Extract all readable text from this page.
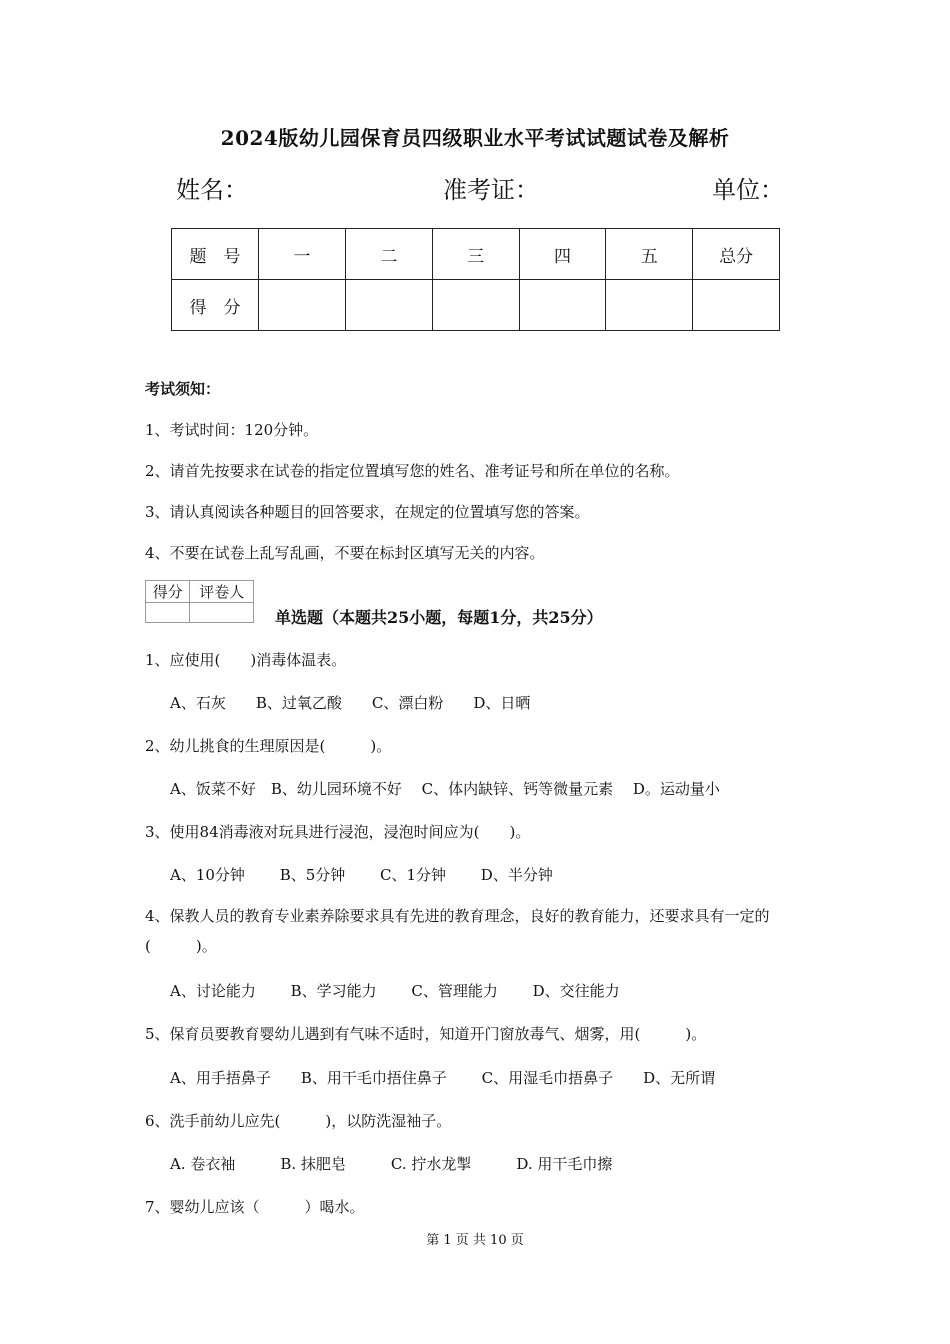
2024版幼儿园保育员四级职业水平考试试题试卷及解析
姓名：	准考证：	单位：
题　号	一	二	三	四	五	总分
得　分						
考试须知：
1、考试时间：120分钟。
2、请首先按要求在试卷的指定位置填写您的姓名、准考证号和所在单位的名称。
3、请认真阅读各种题目的回答要求，在规定的位置填写您的答案。
4、不要在试卷上乱写乱画，不要在标封区填写无关的内容。
得分	评卷人

单选题（本题共25小题，每题1分，共25分）
1、应使用(　　)消毒体温表。
A、石灰　　B、过氧乙酸　　C、漂白粉　　D、日晒
2、幼儿挑食的生理原因是(　　　)。
A、饭菜不好　B、幼儿园环境不好　 C、体内缺锌、钙等微量元素　 D。运动量小
3、使用84消毒液对玩具进行浸泡，浸泡时间应为(　　)。
A、10分钟　　 B、5分钟　　 C、1分钟　　 D、半分钟
4、保教人员的教育专业素养除要求具有先进的教育理念，良好的教育能力，还要求具有一定的(　　　)。
A、讨论能力　　 B、学习能力　　 C、管理能力　　 D、交往能力
5、保育员要教育婴幼儿遇到有气味不适时，知道开门窗放毒气、烟雾，用(　　　)。
A、用手捂鼻子　　B、用干毛巾捂住鼻子　　 C、用湿毛巾捂鼻子　　D、无所谓
6、洗手前幼儿应先(　　　)，以防洗湿袖子。
A. 卷衣袖　　　B. 抹肥皂　　　C. 拧水龙掣　　　D. 用干毛巾擦
7、婴幼儿应该（　　　）喝水。
第 1 页 共 10 页
